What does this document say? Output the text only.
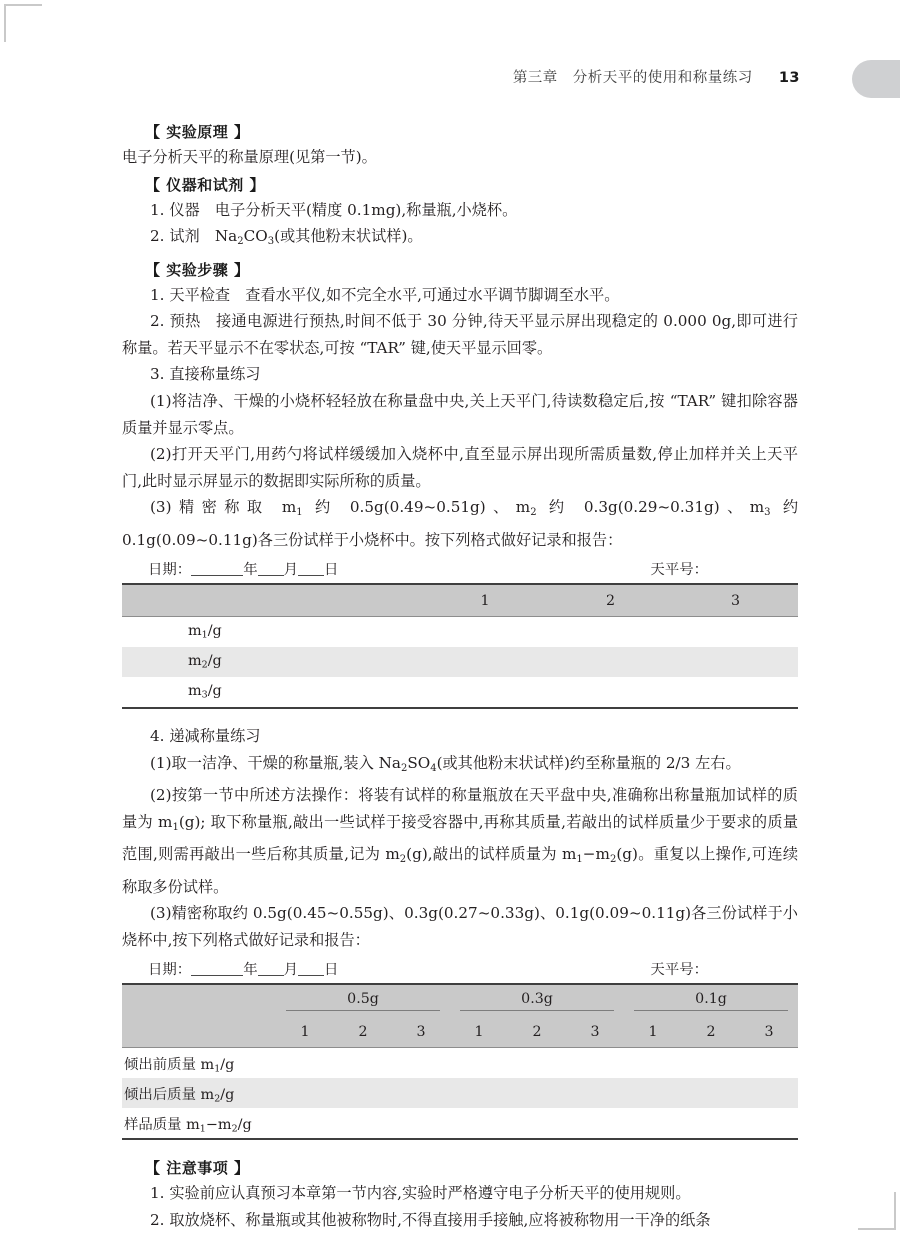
第三章　分析天平的使用和称量练习 13
【 实验原理 】

电子分析天平的称量原理(见第一节)。

【 仪器和试剂 】

1. 仪器　电子分析天平(精度 0.1mg),称量瓶,小烧杯。

2. 试剂　$Na_2CO_3$(或其他粉末状试样)。

【 实验步骤 】

1. 天平检查　查看水平仪,如不完全水平,可通过水平调节脚调至水平。

2. 预热　接通电源进行预热,时间不低于 30 分钟,待天平显示屏出现稳定的 0.000 0g,即可进行称量。若天平显示不在零状态,可按 “TAR” 键,使天平显示回零。

3. 直接称量练习

(1)将洁净、干燥的小烧杯轻轻放在称量盘中央,关上天平门,待读数稳定后,按 “TAR” 键扣除容器质量并显示零点。

(2)打开天平门,用药勺将试样缓缓加入烧杯中,直至显示屏出现所需质量数,停止加样并关上天平门,此时显示屏显示的数据即实际所称的质量。

(3)精密称取 $m_1$ 约 0.5g(0.49~0.51g)、$m_2$ 约 0.3g(0.29~0.31g)、$m_3$ 约 0.1g(0.09~0.11g)各三份试样于小烧杯中。按下列格式做好记录和报告：

日期：	年 月 日	天平号：
	1	2	3
$m_1/g$			
$m_2/g$			
$m_3/g$			

4. 递减称量练习

(1)取一洁净、干燥的称量瓶,装入 $Na_2SO_4$(或其他粉末状试样)约至称量瓶的 2/3 左右。

(2)按第一节中所述方法操作：将装有试样的称量瓶放在天平盘中央,准确称出称量瓶加试样的质量为 $m_1(g)$; 取下称量瓶,敲出一些试样于接受容器中,再称其质量,若敲出的试样质量少于要求的质量范围,则需再敲出一些后称其质量,记为 $m_2(g)$,敲出的试样质量为 $m_1-m_2(g)$。重复以上操作,可连续称取多份试样。

(3)精密称取约 0.5g(0.45~0.55g)、0.3g(0.27~0.33g)、0.1g(0.09~0.11g)各三份试样于小烧杯中,按下列格式做好记录和报告：

日期：	年 月 日	天平号：

	0.5g			0.3g			0.1g		

	1	2	3	1	2	3	1	2	3
倾出前质量 $m_1/g$									
倾出后质量 $m_2/g$									
样品质量 $m_1-m_2/g$									
【 注意事项 】

1. 实验前应认真预习本章第一节内容,实验时严格遵守电子分析天平的使用规则。

2. 取放烧杯、称量瓶或其他被称物时,不得直接用手接触,应将被称物用一干净的纸条
